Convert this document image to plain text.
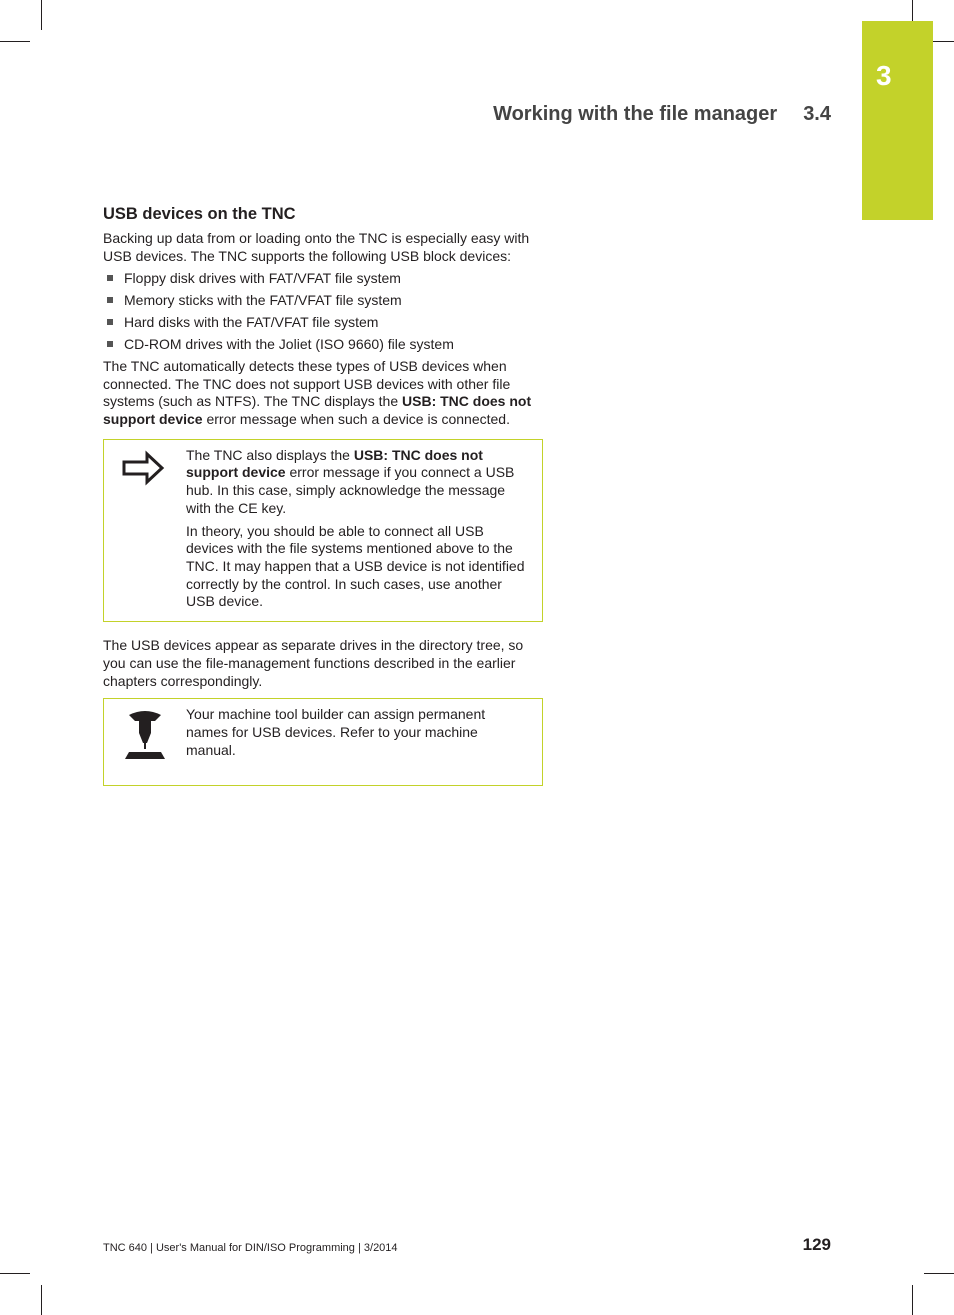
3
Working with the file manager 3.4
USB devices on the TNC

Backing up data from or loading onto the TNC is especially easy with USB devices. The TNC supports the following USB block devices:

Floppy disk drives with FAT/VFAT file system
Memory sticks with the FAT/VFAT file system
Hard disks with the FAT/VFAT file system
CD-ROM drives with the Joliet (ISO 9660) file system

The TNC automatically detects these types of USB devices when connected. The TNC does not support USB devices with other file systems (such as NTFS). The TNC displays the USB: TNC does not support device error message when such a device is connected.

The TNC also displays the USB: TNC does not support device error message if you connect a USB hub. In this case, simply acknowledge the message with the CE key.

In theory, you should be able to connect all USB devices with the file systems mentioned above to the TNC. It may happen that a USB device is not identified correctly by the control. In such cases, use another USB device.

The USB devices appear as separate drives in the directory tree, so you can use the file-management functions described in the earlier chapters correspondingly.

Your machine tool builder can assign permanent names for USB devices. Refer to your machine manual.

TNC 640 | User's Manual for DIN/ISO Programming | 3/2014	129
